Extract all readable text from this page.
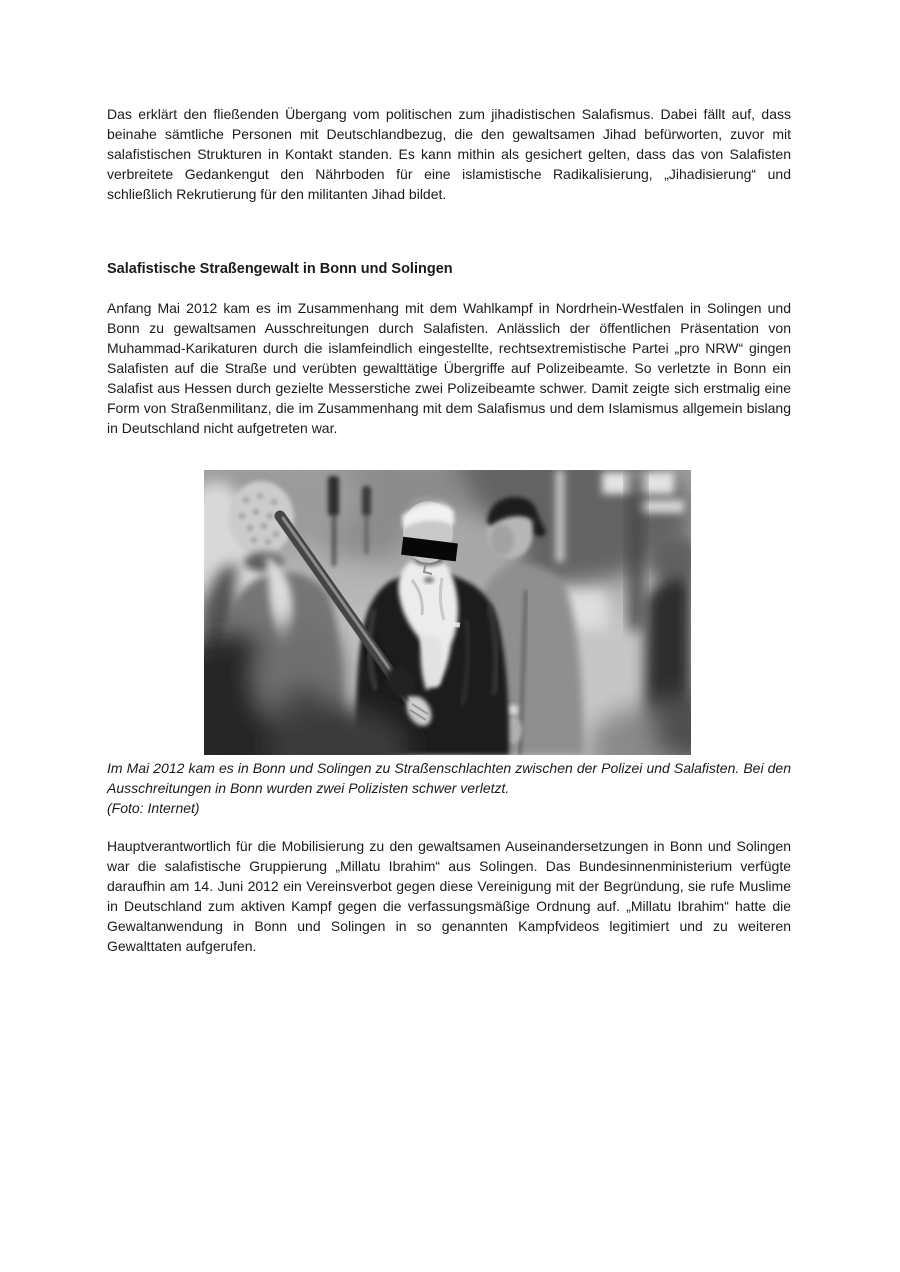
Das erklärt den fließenden Übergang vom politischen zum jihadistischen Salafismus. Dabei fällt auf, dass beinahe sämtliche Personen mit Deutschlandbezug, die den gewaltsamen Jihad befürworten, zuvor mit salafistischen Strukturen in Kontakt standen. Es kann mithin als gesichert gelten, dass das von Salafisten verbreitete Gedankengut den Nährboden für eine islamistische Radikalisierung, „Jihadisierung“ und schließlich Rekrutierung für den militanten Jihad bildet.

Salafistische Straßengewalt in Bonn und Solingen

Anfang Mai 2012 kam es im Zusammenhang mit dem Wahlkampf in Nordrhein-Westfalen in Solingen und Bonn zu gewaltsamen Ausschreitungen durch Salafisten. Anlässlich der öffentlichen Präsentation von Muhammad-Karikaturen durch die islamfeindlich eingestellte, rechtsextremistische Partei „pro NRW“ gingen Salafisten auf die Straße und verübten gewalttätige Übergriffe auf Polizeibeamte. So verletzte in Bonn ein Salafist aus Hessen durch gezielte Messerstiche zwei Polizeibeamte schwer. Damit zeigte sich erstmalig eine Form von Straßenmilitanz, die im Zusammenhang mit dem Salafismus und dem Islamismus allgemein bislang in Deutschland nicht aufgetreten war.

Im Mai 2012 kam es in Bonn und Solingen zu Straßenschlachten zwischen der Polizei und Salafisten. Bei den Ausschreitungen in Bonn wurden zwei Polizisten schwer verletzt.

(Foto: Internet)

Hauptverantwortlich für die Mobilisierung zu den gewaltsamen Auseinandersetzungen in Bonn und Solingen war die salafistische Gruppierung „Millatu Ibrahim“ aus Solingen. Das Bundesinnenministerium verfügte daraufhin am 14. Juni 2012 ein Vereinsverbot gegen diese Vereinigung mit der Begründung, sie rufe Muslime in Deutschland zum aktiven Kampf gegen die verfassungsmäßige Ordnung auf. „Millatu Ibrahim“ hatte die Gewaltanwendung in Bonn und Solingen in so genannten Kampfvideos legitimiert und zu weiteren Gewalttaten aufgerufen.
